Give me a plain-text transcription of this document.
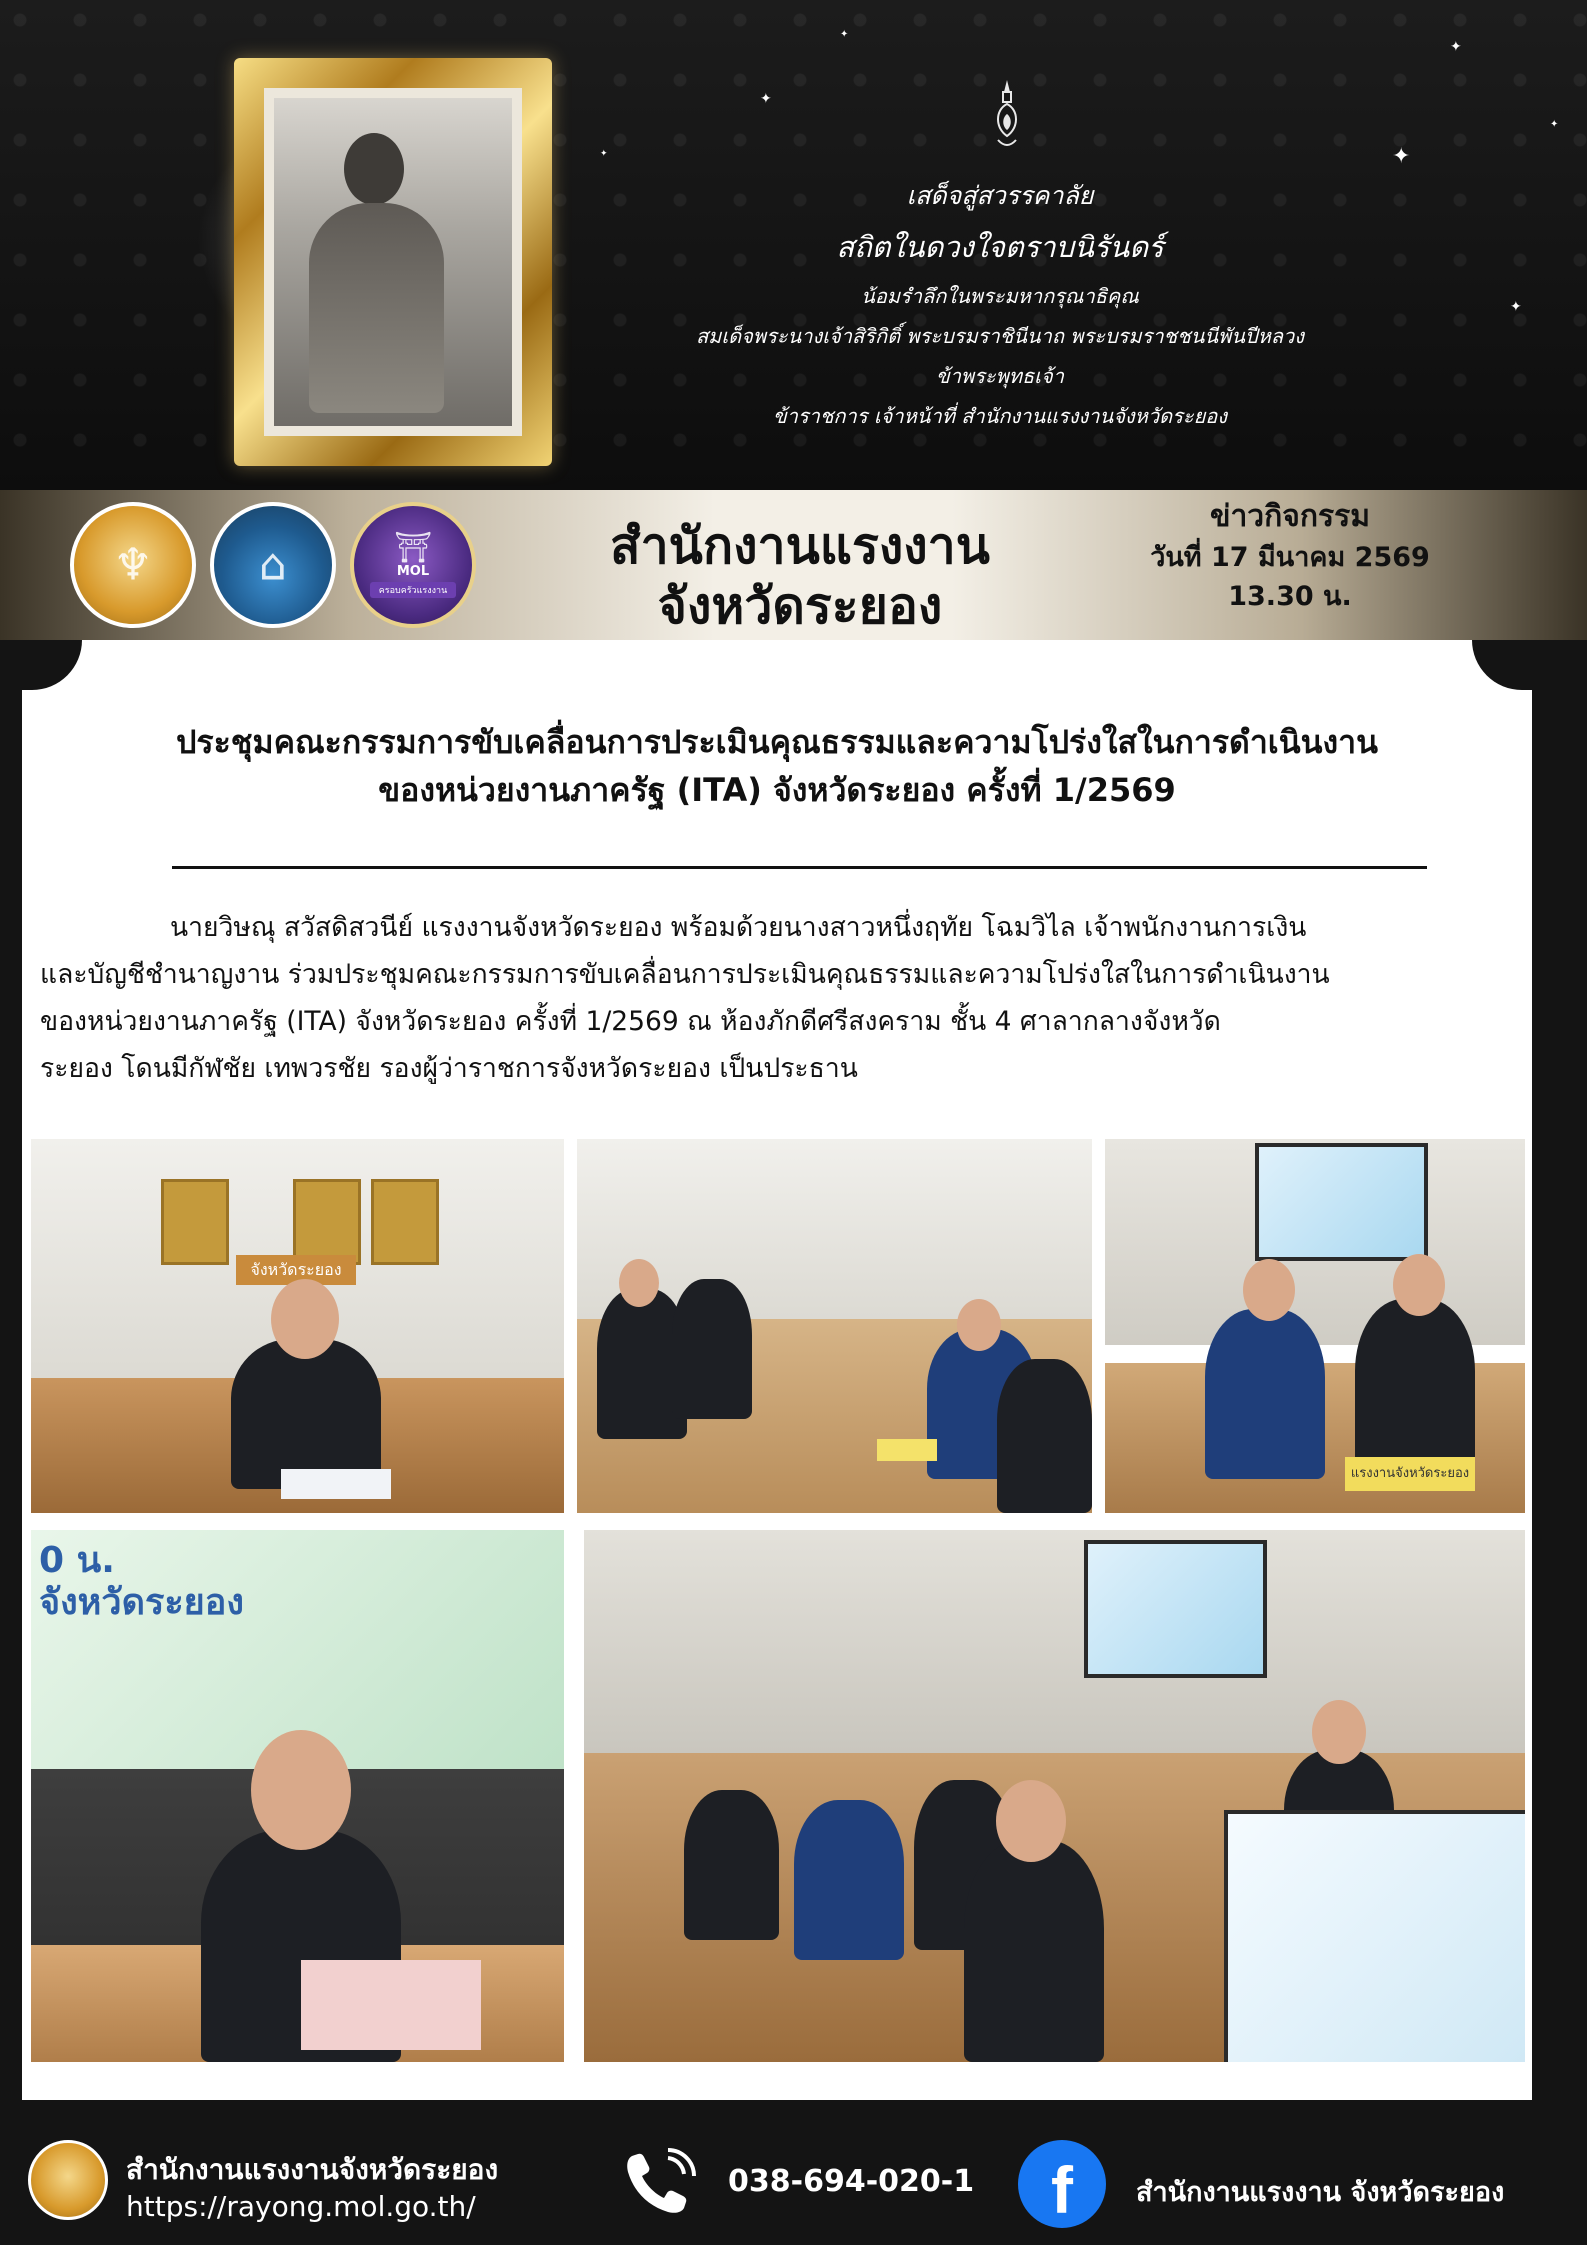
✦
✦
✦
✦
✦
✦
✦
เสด็จสู่สวรรคาลัย
สถิตในดวงใจตราบนิรันดร์
น้อมรำลึกในพระมหากรุณาธิคุณ
สมเด็จพระนางเจ้าสิริกิติ์ พระบรมราชินีนาถ พระบรมราชชนนีพันปีหลวง
ข้าพระพุทธเจ้า
ข้าราชการ เจ้าหน้าที่ สำนักงานแรงงานจังหวัดระยอง
♆ ⌂	⛩
MOL
ครอบครัวแรงงาน
สำนักงานแรงงาน
จังหวัดระยอง
ข่าวกิจกรรม
วันที่ 17 มีนาคม 2569
13.30 น.
ประชุมคณะกรรมการขับเคลื่อนการประเมินคุณธรรมและความโปร่งใสในการดำเนินงาน
ของหน่วยงานภาครัฐ (ITA) จังหวัดระยอง ครั้งที่ 1/2569
นายวิษณุ สวัสดิสวนีย์ แรงงานจังหวัดระยอง พร้อมด้วยนางสาวหนึ่งฤทัย โฉมวิไล เจ้าพนักงานการเงิน
และบัญชีชำนาญงาน ร่วมประชุมคณะกรรมการขับเคลื่อนการประเมินคุณธรรมและความโปร่งใสในการดำเนินงาน
ของหน่วยงานภาครัฐ (ITA) จังหวัดระยอง ครั้งที่ 1/2569 ณ ห้องภักดีศรีสงคราม ชั้น 4 ศาลากลางจังหวัด
ระยอง โดนมีกัฬชัย เทพวรชัย รองผู้ว่าราชการจังหวัดระยอง เป็นประธาน
จังหวัดระยอง
แรงงานจังหวัดระยอง
0 น.
จังหวัดระยอง
สำนักงานแรงงานจังหวัดระยอง
https://rayong.mol.go.th/
038-694-020-1	f	สำนักงานแรงงาน จังหวัดระยอง
